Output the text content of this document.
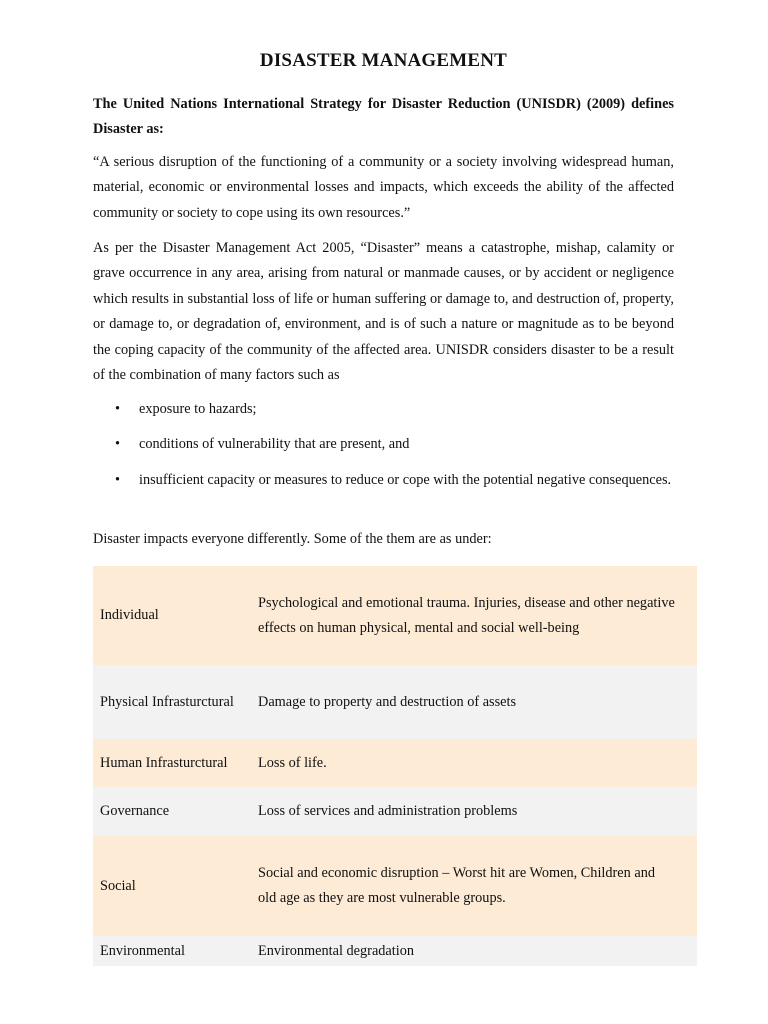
DISASTER MANAGEMENT

The United Nations International Strategy for Disaster Reduction (UNISDR) (2009) defines Disaster as:

“A serious disruption of the functioning of a community or a society involving widespread human, material, economic or environmental losses and impacts, which exceeds the ability of the affected community or society to cope using its own resources.”

As per the Disaster Management Act 2005, “Disaster” means a catastrophe, mishap, calamity or grave occurrence in any area, arising from natural or manmade causes, or by accident or negligence which results in substantial loss of life or human suffering or damage to, and destruction of, property, or damage to, or degradation of, environment, and is of such a nature or magnitude as to be beyond the coping capacity of the community of the affected area. UNISDR considers disaster to be a result of the combination of many factors such as

• exposure to hazards;
• conditions of vulnerability that are present, and
• insufficient capacity or measures to reduce or cope with the potential negative consequences.

Disaster impacts everyone differently. Some of the them are as under:

Individual	Psychological and emotional trauma. Injuries, disease and other negative
effects on human physical, mental and social well-being

Physical Infrasturctural	Damage to property and destruction of assets

Human Infrasturctural	Loss of life.

Governance	Loss of services and administration problems

Social	Social and economic disruption – Worst hit are Women, Children and
old age as they are most vulnerable groups.

Environmental	Environmental degradation
